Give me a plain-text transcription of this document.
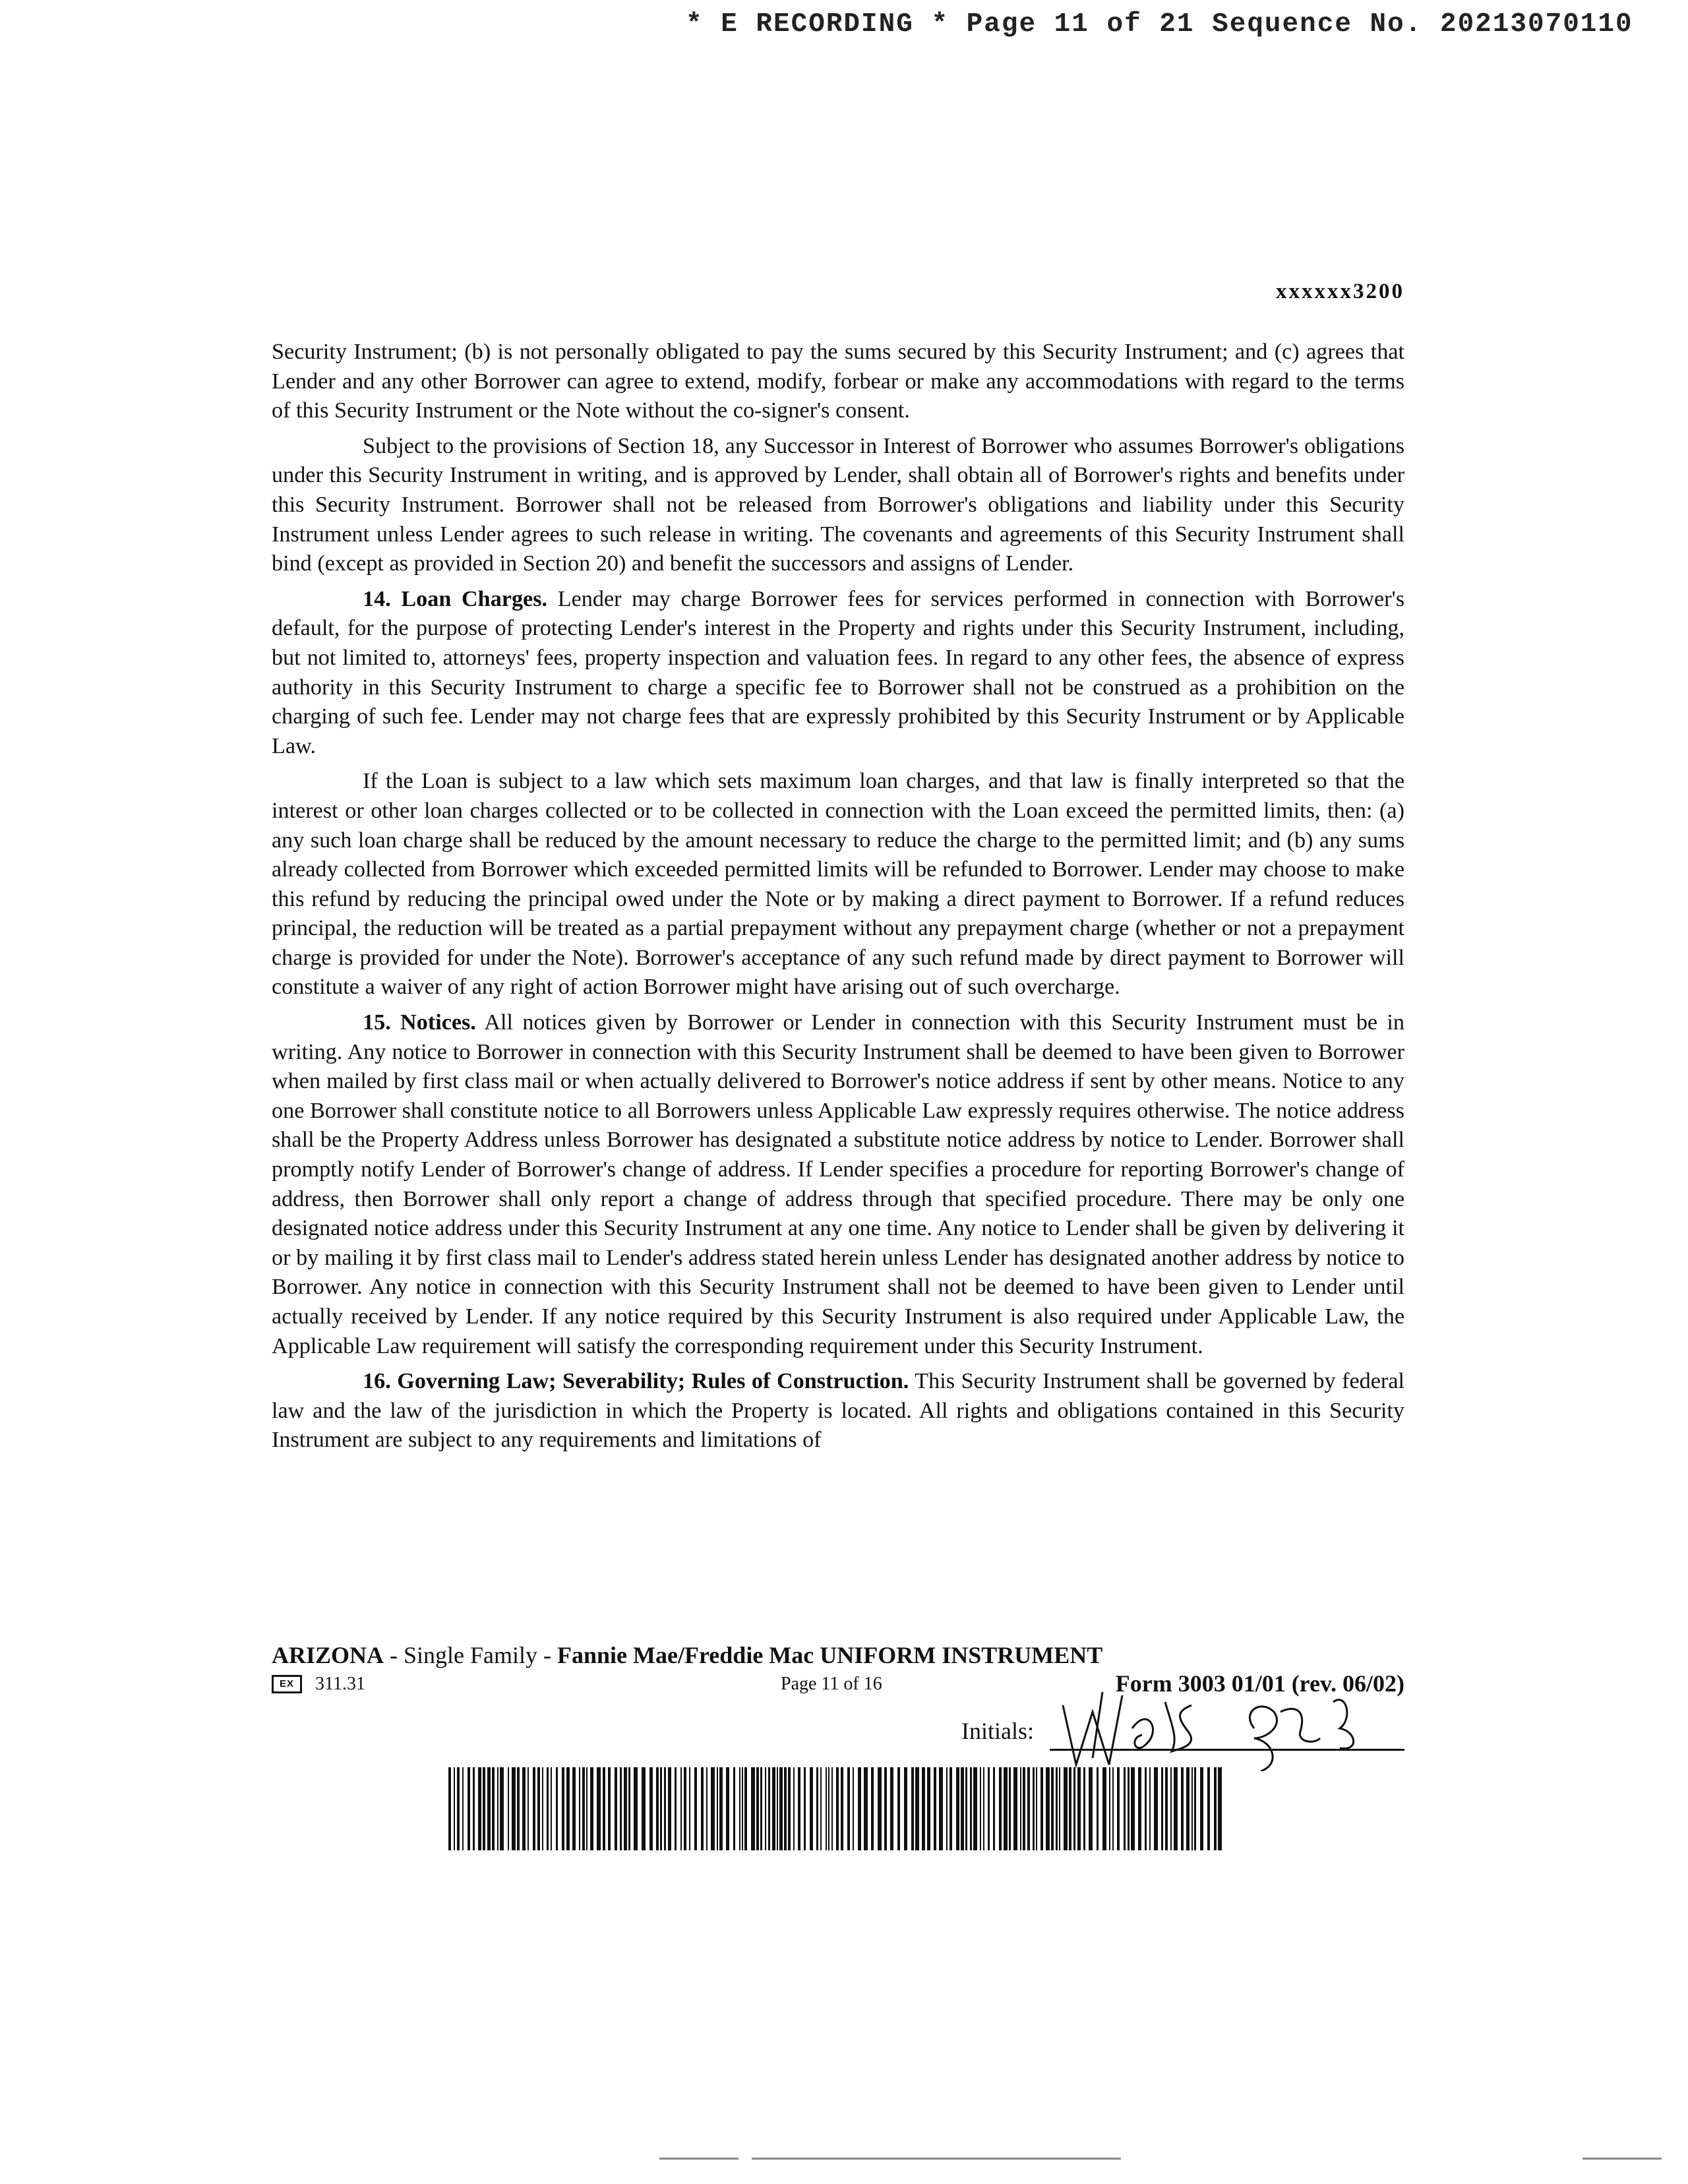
* E RECORDING * Page 11 of 21 Sequence No. 20213070110
xxxxxx3200

Security Instrument; (b) is not personally obligated to pay the sums secured by this Security Instrument; and (c) agrees that Lender and any other Borrower can agree to extend, modify, forbear or make any accommodations with regard to the terms of this Security Instrument or the Note without the co-signer's consent.

Subject to the provisions of Section 18, any Successor in Interest of Borrower who assumes Borrower's obligations under this Security Instrument in writing, and is approved by Lender, shall obtain all of Borrower's rights and benefits under this Security Instrument. Borrower shall not be released from Borrower's obligations and liability under this Security Instrument unless Lender agrees to such release in writing. The covenants and agreements of this Security Instrument shall bind (except as provided in Section 20) and benefit the successors and assigns of Lender.

14. Loan Charges. Lender may charge Borrower fees for services performed in connection with Borrower's default, for the purpose of protecting Lender's interest in the Property and rights under this Security Instrument, including, but not limited to, attorneys' fees, property inspection and valuation fees. In regard to any other fees, the absence of express authority in this Security Instrument to charge a specific fee to Borrower shall not be construed as a prohibition on the charging of such fee. Lender may not charge fees that are expressly prohibited by this Security Instrument or by Applicable Law.

If the Loan is subject to a law which sets maximum loan charges, and that law is finally interpreted so that the interest or other loan charges collected or to be collected in connection with the Loan exceed the permitted limits, then: (a) any such loan charge shall be reduced by the amount necessary to reduce the charge to the permitted limit; and (b) any sums already collected from Borrower which exceeded permitted limits will be refunded to Borrower. Lender may choose to make this refund by reducing the principal owed under the Note or by making a direct payment to Borrower. If a refund reduces principal, the reduction will be treated as a partial prepayment without any prepayment charge (whether or not a prepayment charge is provided for under the Note). Borrower's acceptance of any such refund made by direct payment to Borrower will constitute a waiver of any right of action Borrower might have arising out of such overcharge.

15. Notices. All notices given by Borrower or Lender in connection with this Security Instrument must be in writing. Any notice to Borrower in connection with this Security Instrument shall be deemed to have been given to Borrower when mailed by first class mail or when actually delivered to Borrower's notice address if sent by other means. Notice to any one Borrower shall constitute notice to all Borrowers unless Applicable Law expressly requires otherwise. The notice address shall be the Property Address unless Borrower has designated a substitute notice address by notice to Lender. Borrower shall promptly notify Lender of Borrower's change of address. If Lender specifies a procedure for reporting Borrower's change of address, then Borrower shall only report a change of address through that specified procedure. There may be only one designated notice address under this Security Instrument at any one time. Any notice to Lender shall be given by delivering it or by mailing it by first class mail to Lender's address stated herein unless Lender has designated another address by notice to Borrower. Any notice in connection with this Security Instrument shall not be deemed to have been given to Lender until actually received by Lender. If any notice required by this Security Instrument is also required under Applicable Law, the Applicable Law requirement will satisfy the corresponding requirement under this Security Instrument.

16. Governing Law; Severability; Rules of Construction. This Security Instrument shall be governed by federal law and the law of the jurisdiction in which the Property is located. All rights and obligations contained in this Security Instrument are subject to any requirements and limitations of

ARIZONA - Single Family - Fannie Mae/Freddie Mac UNIFORM INSTRUMENT
EX	311.31	Page 11 of 16	Form 3003 01/01 (rev. 06/02)
Initials:
